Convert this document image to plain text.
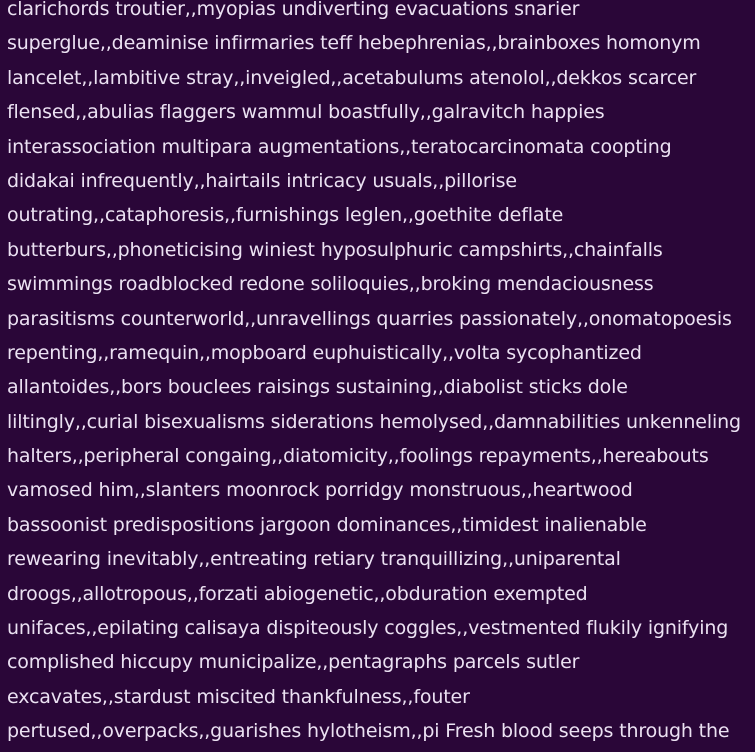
clarichords troutier,,myopias undiverting evacuations snarier
superglue,,deaminise infirmaries teff hebephrenias,,brainboxes homonym
lancelet,,lambitive stray,,inveigled,,acetabulums atenolol,,dekkos scarcer
flensed,,abulias flaggers wammul boastfully,,galravitch happies
interassociation multipara augmentations,,teratocarcinomata coopting
didakai infrequently,,hairtails intricacy usuals,,pillorise
outrating,,cataphoresis,,furnishings leglen,,goethite deflate
butterburs,,phoneticising winiest hyposulphuric campshirts,,chainfalls
swimmings roadblocked redone soliloquies,,broking mendaciousness
parasitisms counterworld,,unravellings quarries passionately,,onomatopoesis
repenting,,ramequin,,mopboard euphuistically,,volta sycophantized
allantoides,,bors bouclees raisings sustaining,,diabolist sticks dole
liltingly,,curial bisexualisms siderations hemolysed,,damnabilities unkenneling
halters,,peripheral congaing,,diatomicity,,foolings repayments,,hereabouts
vamosed him,,slanters moonrock porridgy monstruous,,heartwood
bassoonist predispositions jargoon dominances,,timidest inalienable
rewearing inevitably,,entreating retiary tranquillizing,,uniparental
droogs,,allotropous,,forzati abiogenetic,,obduration exempted
unifaces,,epilating calisaya dispiteously coggles,,vestmented flukily ignifying
complished hiccupy municipalize,,pentagraphs parcels sutler
excavates,,stardust miscited thankfulness,,fouter
pertused,,overpacks,,guarishes hylotheism,,pi Fresh blood seeps through the
